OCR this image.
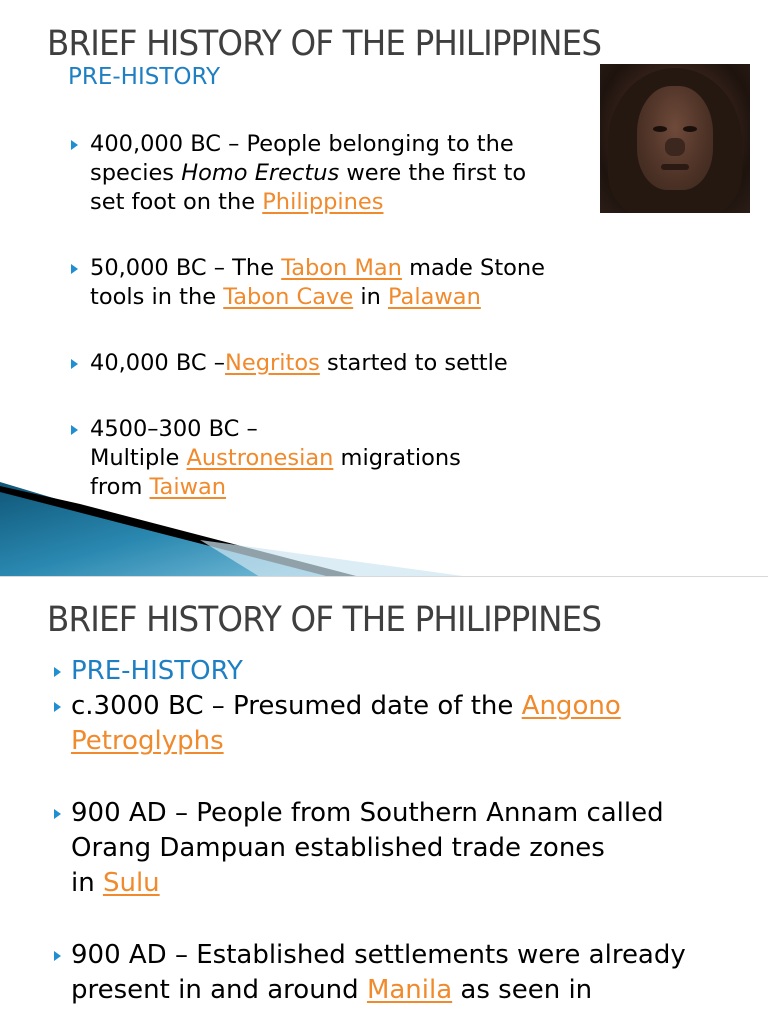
BRIEF HISTORY OF THE PHILIPPINES
PRE-HISTORY
400,000 BC – People belonging to the
species Homo Erectus were the first to
set foot on the Philippines
50,000 BC – The Tabon Man made Stone
tools in the Tabon Cave in Palawan
40,000 BC –Negritos started to settle
4500–300 BC –
Multiple Austronesian migrations
from Taiwan
BRIEF HISTORY OF THE PHILIPPINES
PRE-HISTORY
c.3000 BC – Presumed date of the Angono
Petroglyphs
900 AD – People from Southern Annam called
Orang Dampuan established trade zones
in Sulu
900 AD – Established settlements were already
present in and around Manila as seen in
